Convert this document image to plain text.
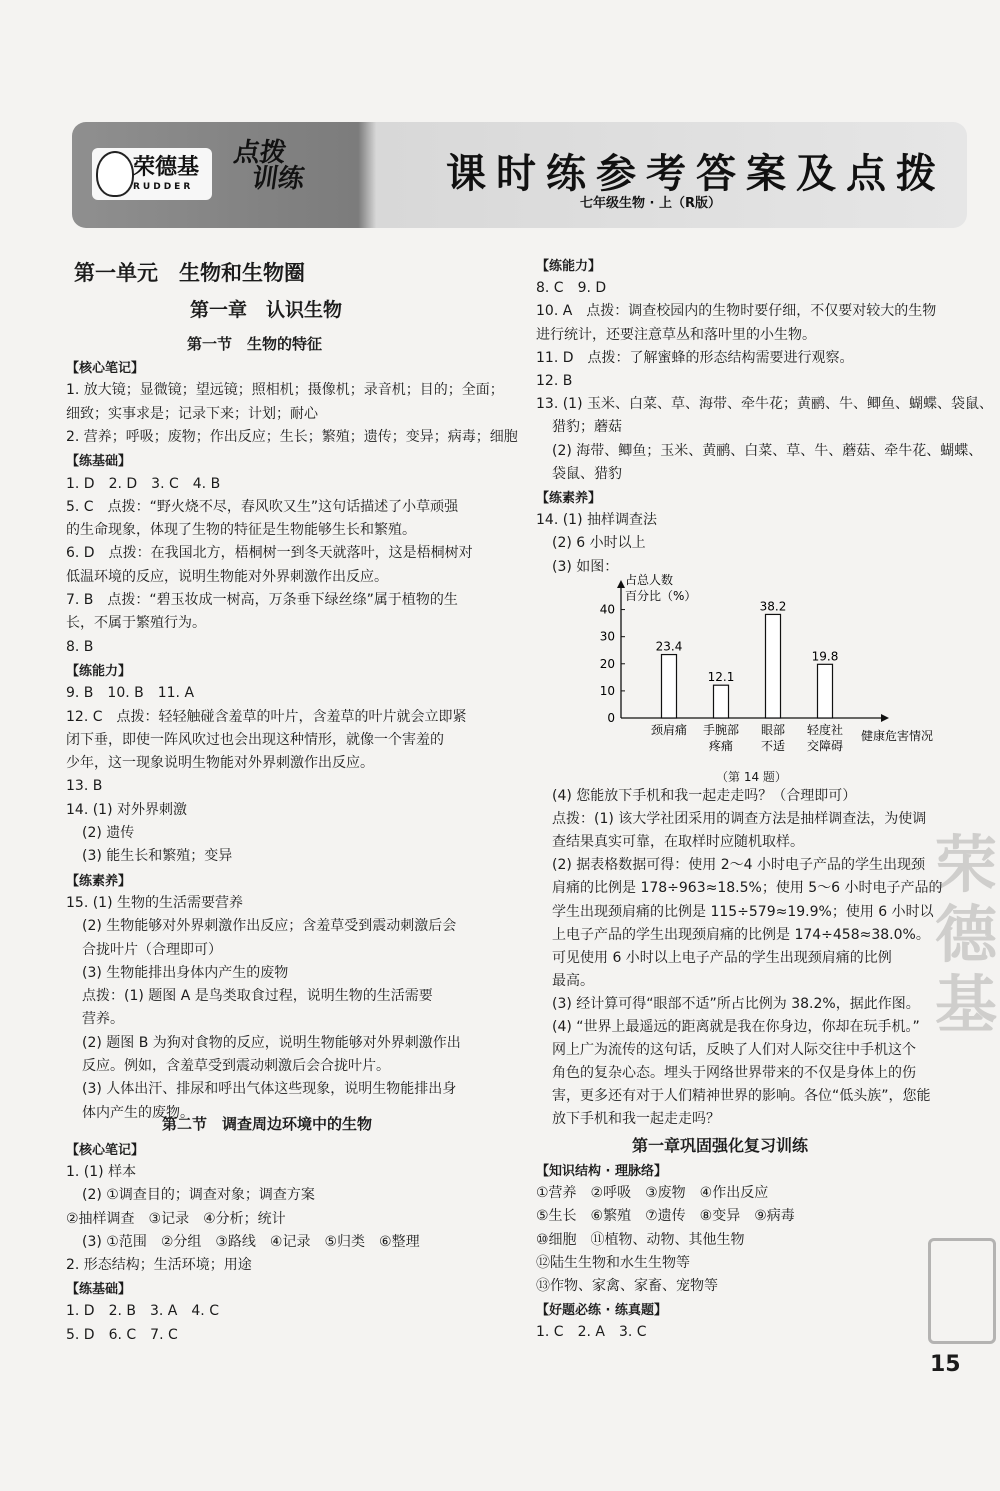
荣德基
RUDDER
点拨
训练	课时练参考答案及点拨
七年级生物 · 上（R版）
第一单元　生物和生物圈
第一章　认识生物
第一节　生物的特征
【核心笔记】
1. 放大镜；显微镜；望远镜；照相机；摄像机；录音机；目的；全面；
细致；实事求是；记录下来；计划；耐心
2. 营养；呼吸；废物；作出反应；生长；繁殖；遗传；变异；病毒；细胞
【练基础】
1. D　2. D　3. C　4. B
5. C　点拨：“野火烧不尽，春风吹又生”这句话描述了小草顽强
的生命现象，体现了生物的特征是生物能够生长和繁殖。
6. D　点拨：在我国北方，梧桐树一到冬天就落叶，这是梧桐树对
低温环境的反应，说明生物能对外界刺激作出反应。
7. B　点拨：“碧玉妆成一树高，万条垂下绿丝绦”属于植物的生
长，不属于繁殖行为。
8. B
【练能力】
9. B　10. B　11. A
12. C　点拨：轻轻触碰含羞草的叶片，含羞草的叶片就会立即紧
闭下垂，即使一阵风吹过也会出现这种情形，就像一个害羞的
少年，这一现象说明生物能对外界刺激作出反应。
13. B
14. (1) 对外界刺激
(2) 遗传
(3) 能生长和繁殖；变异
【练素养】
15. (1) 生物的生活需要营养
(2) 生物能够对外界刺激作出反应；含羞草受到震动刺激后会
合拢叶片（合理即可）
(3) 生物能排出身体内产生的废物
点拨：(1) 题图 A 是鸟类取食过程，说明生物的生活需要
营养。
(2) 题图 B 为狗对食物的反应，说明生物能够对外界刺激作出
反应。例如，含羞草受到震动刺激后会合拢叶片。
(3) 人体出汗、排尿和呼出气体这些现象，说明生物能排出身
体内产生的废物。
第二节　调查周边环境中的生物
【核心笔记】
1. (1) 样本
(2) ①调查目的；调查对象；调查方案
②抽样调查　③记录　④分析；统计
(3) ①范围　②分组　③路线　④记录　⑤归类　⑥整理
2. 形态结构；生活环境；用途
【练基础】
1. D　2. B　3. A　4. C
5. D　6. C　7. C
【练能力】
8. C　9. D
10. A　点拨：调查校园内的生物时要仔细，不仅要对较大的生物
进行统计，还要注意草丛和落叶里的小生物。
11. D　点拨：了解蜜蜂的形态结构需要进行观察。
12. B
13. (1) 玉米、白菜、草、海带、牵牛花；黄鹂、牛、鲫鱼、蝴蝶、袋鼠、
猎豹；蘑菇
(2) 海带、鲫鱼；玉米、黄鹂、白菜、草、牛、蘑菇、牵牛花、蝴蝶、
袋鼠、猎豹
【练素养】
14. (1) 抽样调查法
(2) 6 小时以上
(3) 如图：
占总人数
百分比（%）
0
10
20
30
40
23.4
颈肩痛
12.1
手腕部
疼痛
38.2
眼部
不适
19.8
轻度社
交障碍
健康危害情况
（第 14 题）
(4) 您能放下手机和我一起走走吗？（合理即可）
点拨：(1) 该大学社团采用的调查方法是抽样调查法，为使调
查结果真实可靠，在取样时应随机取样。
(2) 据表格数据可得：使用 2～4 小时电子产品的学生出现颈
肩痛的比例是 178÷963≈18.5%；使用 5～6 小时电子产品的
学生出现颈肩痛的比例是 115÷579≈19.9%；使用 6 小时以
上电子产品的学生出现颈肩痛的比例是 174÷458≈38.0%。
可见使用 6 小时以上电子产品的学生出现颈肩痛的比例
最高。
(3) 经计算可得“眼部不适”所占比例为 38.2%，据此作图。
(4) “世界上最遥远的距离就是我在你身边，你却在玩手机。”
网上广为流传的这句话，反映了人们对人际交往中手机这个
角色的复杂心态。埋头于网络世界带来的不仅是身体上的伤
害，更多还有对于人们精神世界的影响。各位“低头族”，您能
放下手机和我一起走走吗？
第一章巩固强化复习训练
【知识结构 · 理脉络】
①营养　②呼吸　③废物　④作出反应
⑤生长　⑥繁殖　⑦遗传　⑧变异　⑨病毒
⑩细胞　⑪植物、动物、其他生物
⑫陆生生物和水生生物等
⑬作物、家禽、家畜、宠物等
【好题必练 · 练真题】
1. C　2. A　3. C
15
荣
德
基
